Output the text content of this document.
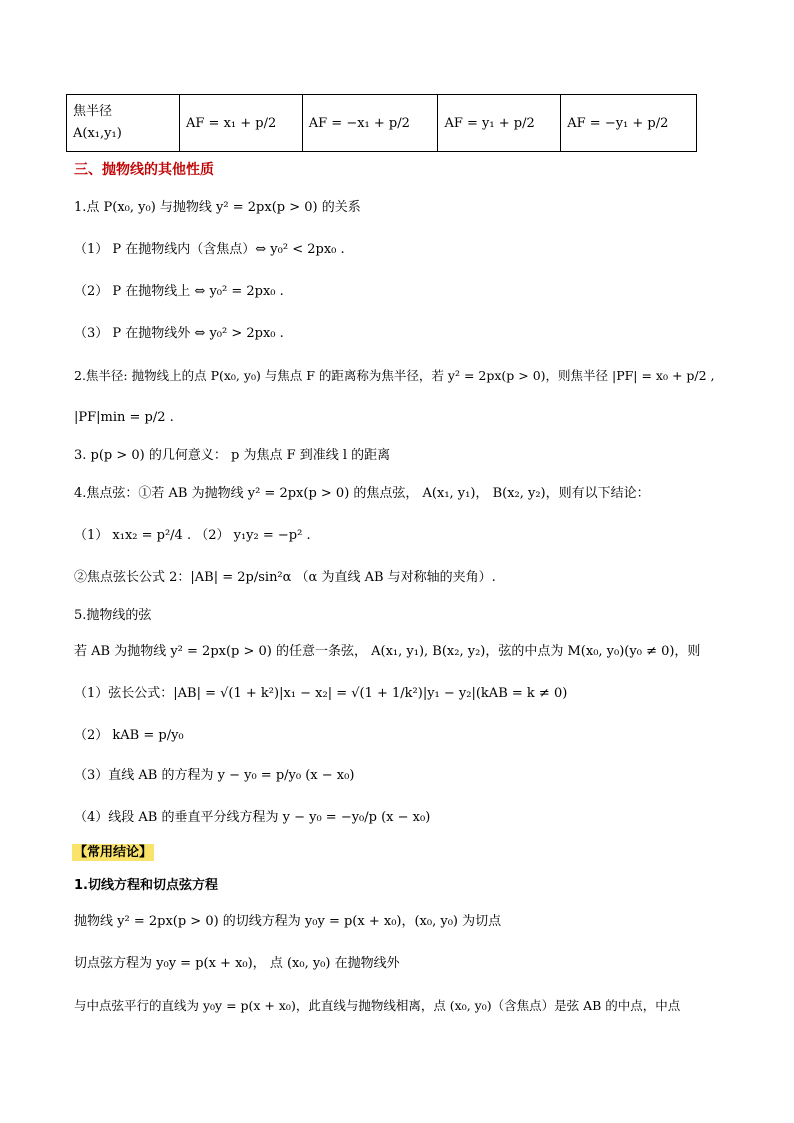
焦半径
A(x₁,y₁)
	AF = x₁ + p/2	AF = −x₁ + p/2	AF = y₁ + p/2	AF = −y₁ + p/2
三、抛物线的其他性质
1.点 P(x₀, y₀) 与抛物线 y² = 2px(p > 0) 的关系
（1） P 在抛物线内（含焦点）⇔ y₀² < 2px₀ .
（2） P 在抛物线上 ⇔ y₀² = 2px₀ .
（3） P 在抛物线外 ⇔ y₀² > 2px₀ .
2.焦半径: 抛物线上的点 P(x₀, y₀) 与焦点 F 的距离称为焦半径，若 y² = 2px(p > 0)，则焦半径 |PF| = x₀ + p/2 ,
|PF|min = p/2 .
3. p(p > 0) 的几何意义： p 为焦点 F 到准线 l 的距离
4.焦点弦：①若 AB 为抛物线 y² = 2px(p > 0) 的焦点弦， A(x₁, y₁)， B(x₂, y₂)，则有以下结论：
（1） x₁x₂ = p²/4 . （2） y₁y₂ = −p² .
②焦点弦长公式 2：|AB| = 2p/sin²α （α 为直线 AB 与对称轴的夹角）.
5.抛物线的弦
若 AB 为抛物线 y² = 2px(p > 0) 的任意一条弦， A(x₁, y₁), B(x₂, y₂)，弦的中点为 M(x₀, y₀)(y₀ ≠ 0)，则
（1）弦长公式：|AB| = √(1 + k²)|x₁ − x₂| = √(1 + 1/k²)|y₁ − y₂|(kAB = k ≠ 0)
（2） kAB = p/y₀
（3）直线 AB 的方程为 y − y₀ = p/y₀ (x − x₀)
（4）线段 AB 的垂直平分线方程为 y − y₀ = −y₀/p (x − x₀)
【常用结论】
1.切线方程和切点弦方程
抛物线 y² = 2px(p > 0) 的切线方程为 y₀y = p(x + x₀)，(x₀, y₀) 为切点
切点弦方程为 y₀y = p(x + x₀)， 点 (x₀, y₀) 在抛物线外
与中点弦平行的直线为 y₀y = p(x + x₀)，此直线与抛物线相离，点 (x₀, y₀)（含焦点）是弦 AB 的中点，中点
